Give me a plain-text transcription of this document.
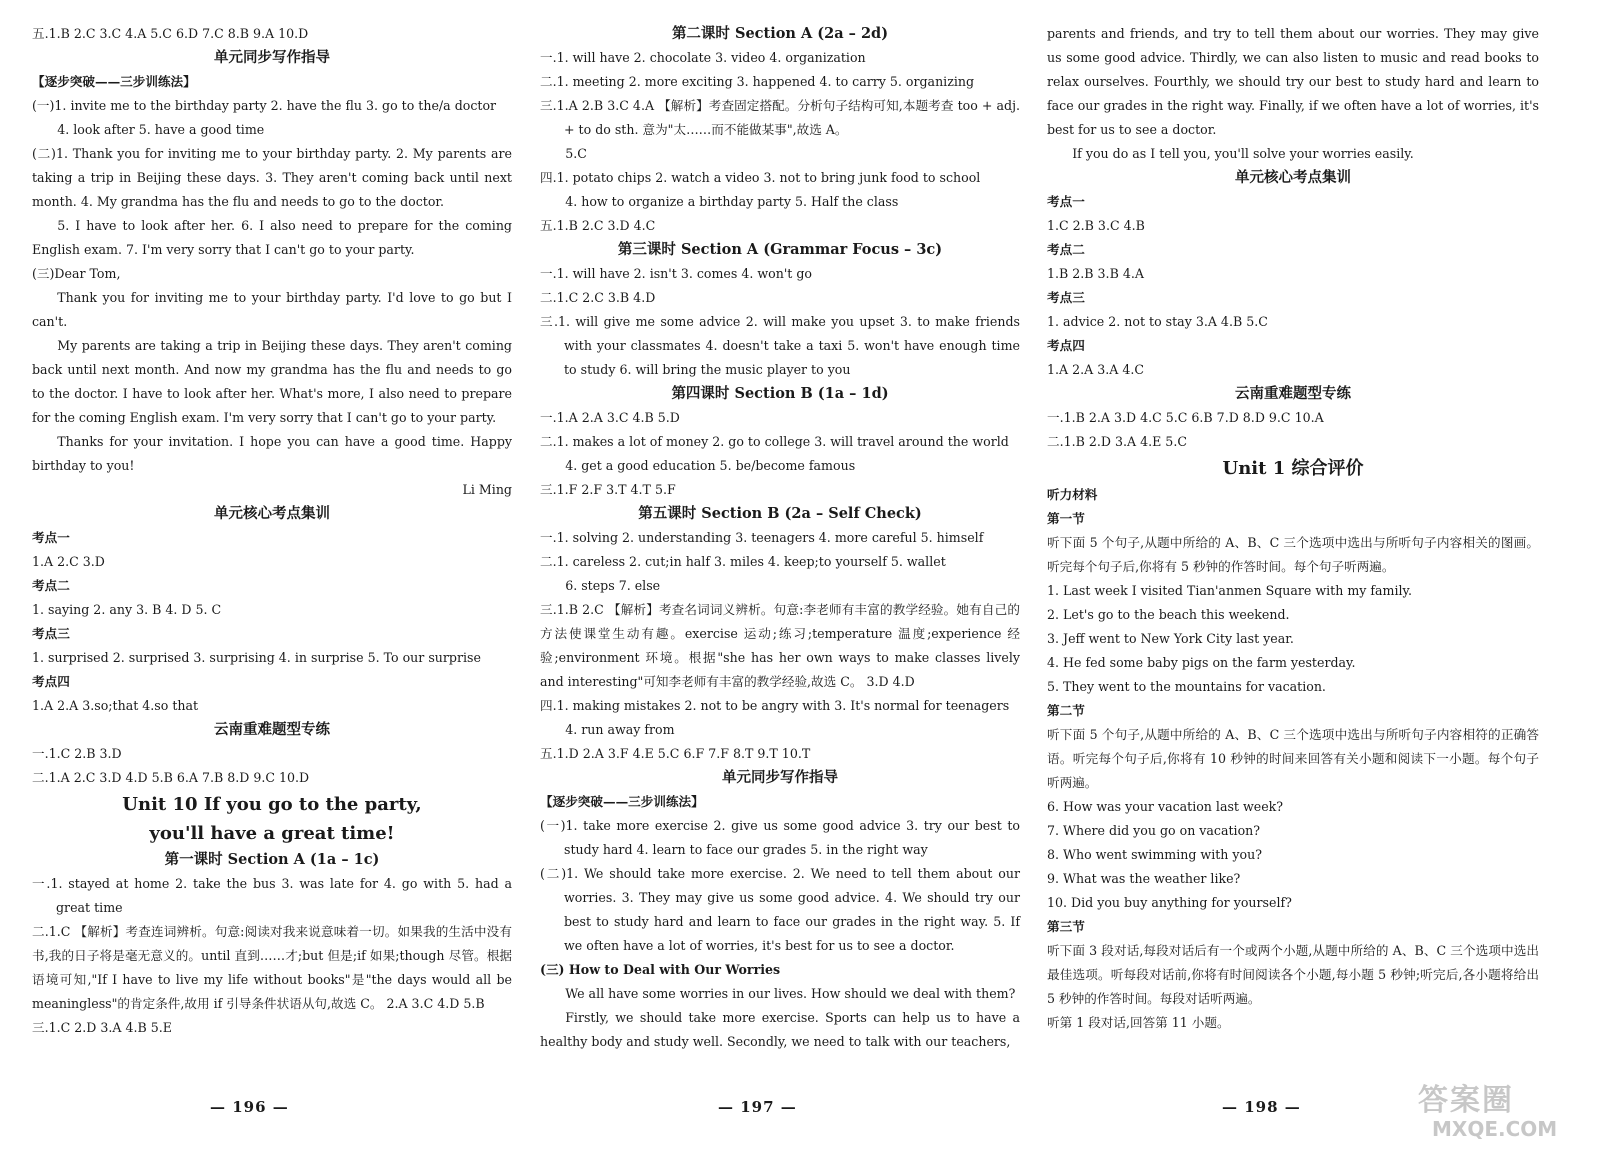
五.1.B 2.C 3.C 4.A 5.C 6.D 7.C 8.B 9.A 10.D
单元同步写作指导
【逐步突破——三步训练法】
(一)1. invite me to the birthday party 2. have the flu 3. go to the/a doctor
4. look after 5. have a good time
(二)1. Thank you for inviting me to your birthday party. 2. My parents are taking a trip in Beijing these days. 3. They aren't coming back until next month. 4. My grandma has the flu and needs to go to the doctor.
5. I have to look after her. 6. I also need to prepare for the coming English exam. 7. I'm very sorry that I can't go to your party.
(三)Dear Tom,
Thank you for inviting me to your birthday party. I'd love to go but I can't.
My parents are taking a trip in Beijing these days. They aren't coming back until next month. And now my grandma has the flu and needs to go to the doctor. I have to look after her. What's more, I also need to prepare for the coming English exam. I'm very sorry that I can't go to your party.
Thanks for your invitation. I hope you can have a good time. Happy birthday to you!
Li Ming
单元核心考点集训
考点一
1.A 2.C 3.D
考点二
1. saying 2. any 3. B 4. D 5. C
考点三
1. surprised 2. surprised 3. surprising 4. in surprise 5. To our surprise
考点四
1.A 2.A 3.so;that 4.so that
云南重难题型专练
一.1.C 2.B 3.D
二.1.A 2.C 3.D 4.D 5.B 6.A 7.B 8.D 9.C 10.D
Unit 10 If you go to the party,
you'll have a great time!
第一课时 Section A (1a – 1c)
一.1. stayed at home 2. take the bus 3. was late for 4. go with 5. had a great time
二.1.C 【解析】考查连词辨析。句意:阅读对我来说意味着一切。如果我的生活中没有书,我的日子将是毫无意义的。until 直到……才;but 但是;if 如果;though 尽管。根据语境可知,"If I have to live my life without books"是"the days would all be meaningless"的肯定条件,故用 if 引导条件状语从句,故选 C。 2.A 3.C 4.D 5.B
三.1.C 2.D 3.A 4.B 5.E
第二课时 Section A (2a – 2d)
一.1. will have 2. chocolate 3. video 4. organization
二.1. meeting 2. more exciting 3. happened 4. to carry 5. organizing
三.1.A 2.B 3.C 4.A 【解析】考查固定搭配。分析句子结构可知,本题考查 too + adj. + to do sth. 意为"太……而不能做某事",故选 A。
5.C
四.1. potato chips 2. watch a video 3. not to bring junk food to school
4. how to organize a birthday party 5. Half the class
五.1.B 2.C 3.D 4.C
第三课时 Section A (Grammar Focus – 3c)
一.1. will have 2. isn't 3. comes 4. won't go
二.1.C 2.C 3.B 4.D
三.1. will give me some advice 2. will make you upset 3. to make friends with your classmates 4. doesn't take a taxi 5. won't have enough time to study 6. will bring the music player to you
第四课时 Section B (1a – 1d)
一.1.A 2.A 3.C 4.B 5.D
二.1. makes a lot of money 2. go to college 3. will travel around the world
4. get a good education 5. be/become famous
三.1.F 2.F 3.T 4.T 5.F
第五课时 Section B (2a – Self Check)
一.1. solving 2. understanding 3. teenagers 4. more careful 5. himself
二.1. careless 2. cut;in half 3. miles 4. keep;to yourself 5. wallet
6. steps 7. else
三.1.B 2.C 【解析】考查名词词义辨析。句意:李老师有丰富的教学经验。她有自己的方法使课堂生动有趣。exercise 运动;练习;temperature 温度;experience 经验;environment 环境。根据"she has her own ways to make classes lively and interesting"可知李老师有丰富的教学经验,故选 C。 3.D 4.D
四.1. making mistakes 2. not to be angry with 3. It's normal for teenagers
4. run away from
五.1.D 2.A 3.F 4.E 5.C 6.F 7.F 8.T 9.T 10.T
单元同步写作指导
【逐步突破——三步训练法】
(一)1. take more exercise 2. give us some good advice 3. try our best to study hard 4. learn to face our grades 5. in the right way
(二)1. We should take more exercise. 2. We need to tell them about our worries. 3. They may give us some good advice. 4. We should try our best to study hard and learn to face our grades in the right way. 5. If we often have a lot of worries, it's best for us to see a doctor.
(三) How to Deal with Our Worries
We all have some worries in our lives. How should we deal with them?
Firstly, we should take more exercise. Sports can help us to have a healthy body and study well. Secondly, we need to talk with our teachers,
parents and friends, and try to tell them about our worries. They may give us some good advice. Thirdly, we can also listen to music and read books to relax ourselves. Fourthly, we should try our best to study hard and learn to face our grades in the right way. Finally, if we often have a lot of worries, it's best for us to see a doctor.
If you do as I tell you, you'll solve your worries easily.
单元核心考点集训
考点一
1.C 2.B 3.C 4.B
考点二
1.B 2.B 3.B 4.A
考点三
1. advice 2. not to stay 3.A 4.B 5.C
考点四
1.A 2.A 3.A 4.C
云南重难题型专练
一.1.B 2.A 3.D 4.C 5.C 6.B 7.D 8.D 9.C 10.A
二.1.B 2.D 3.A 4.E 5.C
Unit 1 综合评价
听力材料
第一节
听下面 5 个句子,从题中所给的 A、B、C 三个选项中选出与所听句子内容相关的图画。听完每个句子后,你将有 5 秒钟的作答时间。每个句子听两遍。
1. Last week I visited Tian'anmen Square with my family.
2. Let's go to the beach this weekend.
3. Jeff went to New York City last year.
4. He fed some baby pigs on the farm yesterday.
5. They went to the mountains for vacation.
第二节
听下面 5 个句子,从题中所给的 A、B、C 三个选项中选出与所听句子内容相符的正确答语。听完每个句子后,你将有 10 秒钟的时间来回答有关小题和阅读下一小题。每个句子听两遍。
6. How was your vacation last week?
7. Where did you go on vacation?
8. Who went swimming with you?
9. What was the weather like?
10. Did you buy anything for yourself?
第三节
听下面 3 段对话,每段对话后有一个或两个小题,从题中所给的 A、B、C 三个选项中选出最佳选项。听每段对话前,你将有时间阅读各个小题,每小题 5 秒钟;听完后,各小题将给出 5 秒钟的作答时间。每段对话听两遍。
听第 1 段对话,回答第 11 小题。
— 196 —	— 197 —	— 198 —	答案圈
MXQE.COM
